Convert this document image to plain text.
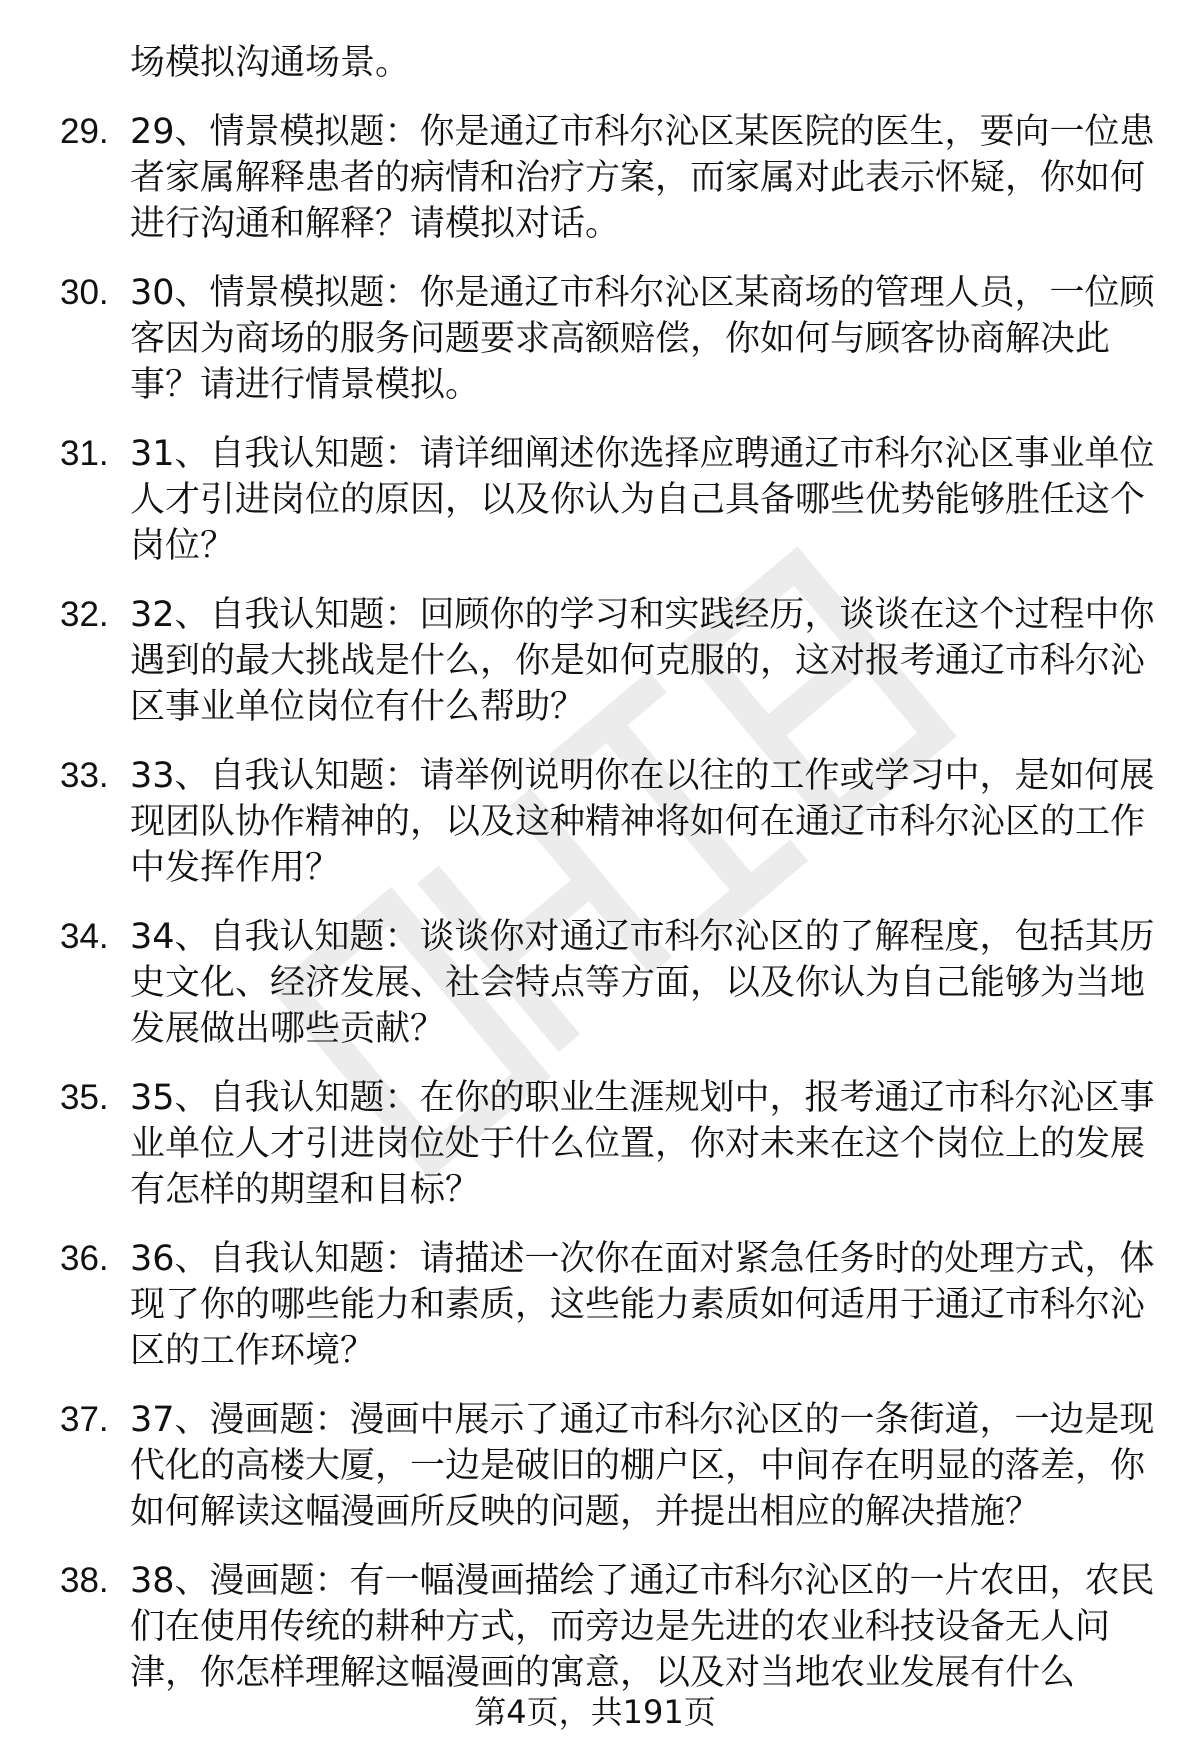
场模拟沟通场景。
29. 29、情景模拟题：你是通辽市科尔沁区某医院的医生，要向一位患者家属解释患者的病情和治疗方案，而家属对此表示怀疑，你如何进行沟通和解释？请模拟对话。
30. 30、情景模拟题：你是通辽市科尔沁区某商场的管理人员，一位顾客因为商场的服务问题要求高额赔偿，你如何与顾客协商解决此事？请进行情景模拟。
31. 31、自我认知题：请详细阐述你选择应聘通辽市科尔沁区事业单位人才引进岗位的原因，以及你认为自己具备哪些优势能够胜任这个岗位？
32. 32、自我认知题：回顾你的学习和实践经历，谈谈在这个过程中你遇到的最大挑战是什么，你是如何克服的，这对报考通辽市科尔沁区事业单位岗位有什么帮助？
33. 33、自我认知题：请举例说明你在以往的工作或学习中，是如何展现团队协作精神的，以及这种精神将如何在通辽市科尔沁区的工作中发挥作用？
34. 34、自我认知题：谈谈你对通辽市科尔沁区的了解程度，包括其历史文化、经济发展、社会特点等方面，以及你认为自己能够为当地发展做出哪些贡献？
35. 35、自我认知题：在你的职业生涯规划中，报考通辽市科尔沁区事业单位人才引进岗位处于什么位置，你对未来在这个岗位上的发展有怎样的期望和目标？
36. 36、自我认知题：请描述一次你在面对紧急任务时的处理方式，体现了你的哪些能力和素质，这些能力素质如何适用于通辽市科尔沁区的工作环境？
37. 37、漫画题：漫画中展示了通辽市科尔沁区的一条街道，一边是现代化的高楼大厦，一边是破旧的棚户区，中间存在明显的落差，你如何解读这幅漫画所反映的问题，并提出相应的解决措施？
38. 38、漫画题：有一幅漫画描绘了通辽市科尔沁区的一片农田，农民们在使用传统的耕种方式，而旁边是先进的农业科技设备无人问津，你怎样理解这幅漫画的寓意，以及对当地农业发展有什么
第4页，共191页
